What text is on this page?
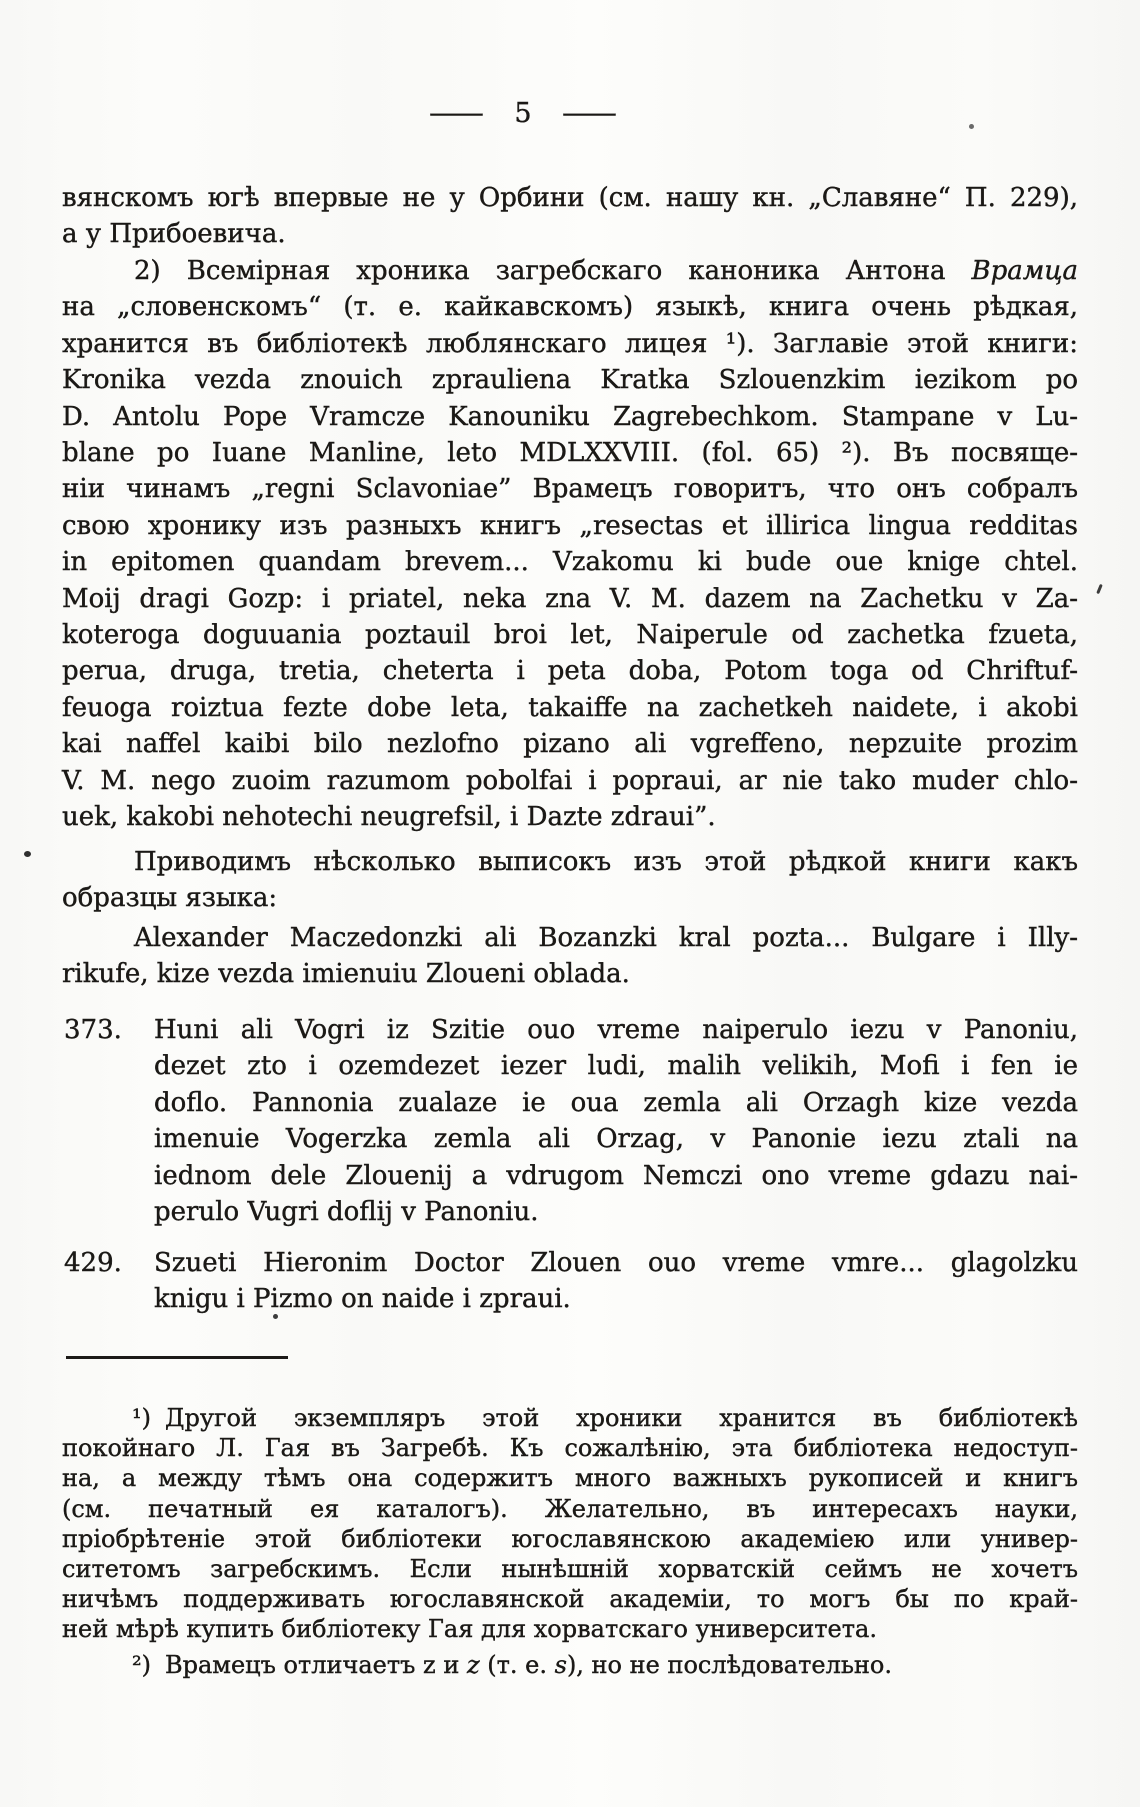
— 5 —
вянскомъ югѣ впервые не у Орбини (см. нашу кн. „Славяне“ П. 229),
а у Прибоевича.
2) Всемірная хроника загребскаго каноника Антона Врамца
на „словенскомъ“ (т. е. кайкавскомъ) языкѣ, книга очень рѣдкая,
хранится въ библіотекѣ люблянскаго лицея ¹). Заглавіе этой книги:
Kronika vezda znouich zprauliena Kratka Szlouenzkim iezikom po
D. Antolu Pope Vramcze Kanouniku Zagrebechkom. Stampane v Lu-
blane po Iuane Manline, leto MDLXXVIII. (fol. 65) ²). Въ посвяще-
ніи чинамъ „regni Sclavoniae” Врамецъ говоритъ, что онъ собралъ
свою хронику изъ разныхъ книгъ „resectas et illirica lingua redditas
in epitomen quandam brevem... Vzakomu ki bude oue knige chtel.
Moij dragi Gozp: i priatel, neka zna V. M. dazem na Zachetku v Za-
koteroga doguuania poztauil broi let, Naiperule od zachetka fzueta,
perua, druga, tretia, cheterta i peta doba, Potom toga od Chriftuf-
feuoga roiztua fezte dobe leta, takaiffe na zachetkeh naidete, i akobi
kai naffel kaibi bilo nezlofno pizano ali vgreffeno, nepzuite prozim
V. M. nego zuoim razumom pobolfai i popraui, ar nie tako muder chlo-
uek, kakobi nehotechi neugrefsil, i Dazte zdraui”.
Приводимъ нѣсколько выписокъ изъ этой рѣдкой книги какъ
образцы языка:
Alexander Maczedonzki ali Bozanzki kral pozta... Bulgare i Illy-
rikufe, kize vezda imienuiu Zloueni oblada.
373. Huni ali Vogri iz Szitie ouo vreme naiperulo iezu v Panoniu,
dezet zto i ozemdezet iezer ludi, malih velikih, Mofi i fen ie
doflo. Pannonia zualaze ie oua zemla ali Orzagh kize vezda
imenuie Vogerzka zemla ali Orzag, v Panonie iezu ztali na
iednom dele Zlouenij a vdrugom Nemczi ono vreme gdazu nai-
perulo Vugri doflij v Panoniu.
429. Szueti Hieronim Doctor Zlouen ouo vreme vmre... glagolzku
knigu i Pizmo on naide i zpraui.
¹) Другой экземпляръ этой хроники хранится въ библіотекѣ
покойнаго Л. Гая въ Загребѣ. Къ сожалѣнію, эта библіотека недоступ-
на, а между тѣмъ она содержитъ много важныхъ рукописей и книгъ
(см. печатный ея каталогъ). Желательно, въ интересахъ науки,
пріобрѣтеніе этой библіотеки югославянскою академіею или универ-
ситетомъ загребскимъ. Если нынѣшній хорватскій сеймъ не хочетъ
ничѣмъ поддерживать югославянской академіи, то могъ бы по край-
ней мѣрѣ купить библіотеку Гая для хорватскаго университета.
²) Врамецъ отличаетъ z и z (т. е. s), но не послѣдовательно.
